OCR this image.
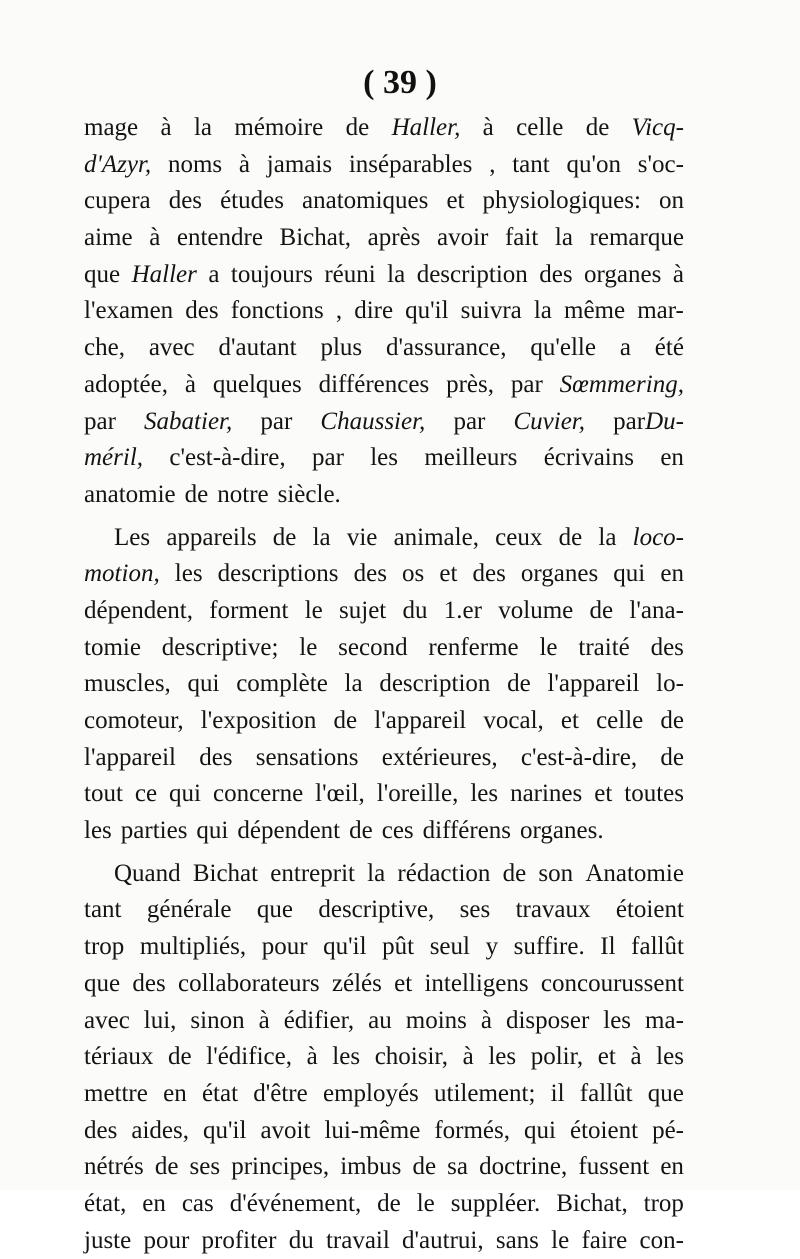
( 39 )
mage à la mémoire de Haller, à celle de Vicq-
d'Azyr, noms à jamais inséparables , tant qu'on s'oc-
cupera des études anatomiques et physiologiques: on
aime à entendre Bichat, après avoir fait la remarque
que Haller a toujours réuni la description des organes à
l'examen des fonctions , dire qu'il suivra la même mar-
che, avec d'autant plus d'assurance, qu'elle a été
adoptée, à quelques différences près, par Sœmmering,
par Sabatier, par Chaussier, par Cuvier, parDu-
méril, c'est-à-dire, par les meilleurs écrivains en
anatomie de notre siècle.
Les appareils de la vie animale, ceux de la loco-
motion, les descriptions des os et des organes qui en
dépendent, forment le sujet du 1.er volume de l'ana-
tomie descriptive; le second renferme le traité des
muscles, qui complète la description de l'appareil lo-
comoteur, l'exposition de l'appareil vocal, et celle de
l'appareil des sensations extérieures, c'est-à-dire, de
tout ce qui concerne l'œil, l'oreille, les narines et toutes
les parties qui dépendent de ces différens organes.
Quand Bichat entreprit la rédaction de son Anatomie
tant générale que descriptive, ses travaux étoient
trop multipliés, pour qu'il pût seul y suffire. Il fallût
que des collaborateurs zélés et intelligens concourussent
avec lui, sinon à édifier, au moins à disposer les ma-
tériaux de l'édifice, à les choisir, à les polir, et à les
mettre en état d'être employés utilement; il fallût que
des aides, qu'il avoit lui-même formés, qui étoient pé-
nétrés de ses principes, imbus de sa doctrine, fussent en
état, en cas d'événement, de le suppléer. Bichat, trop
juste pour profiter du travail d'autrui, sans le faire con-
